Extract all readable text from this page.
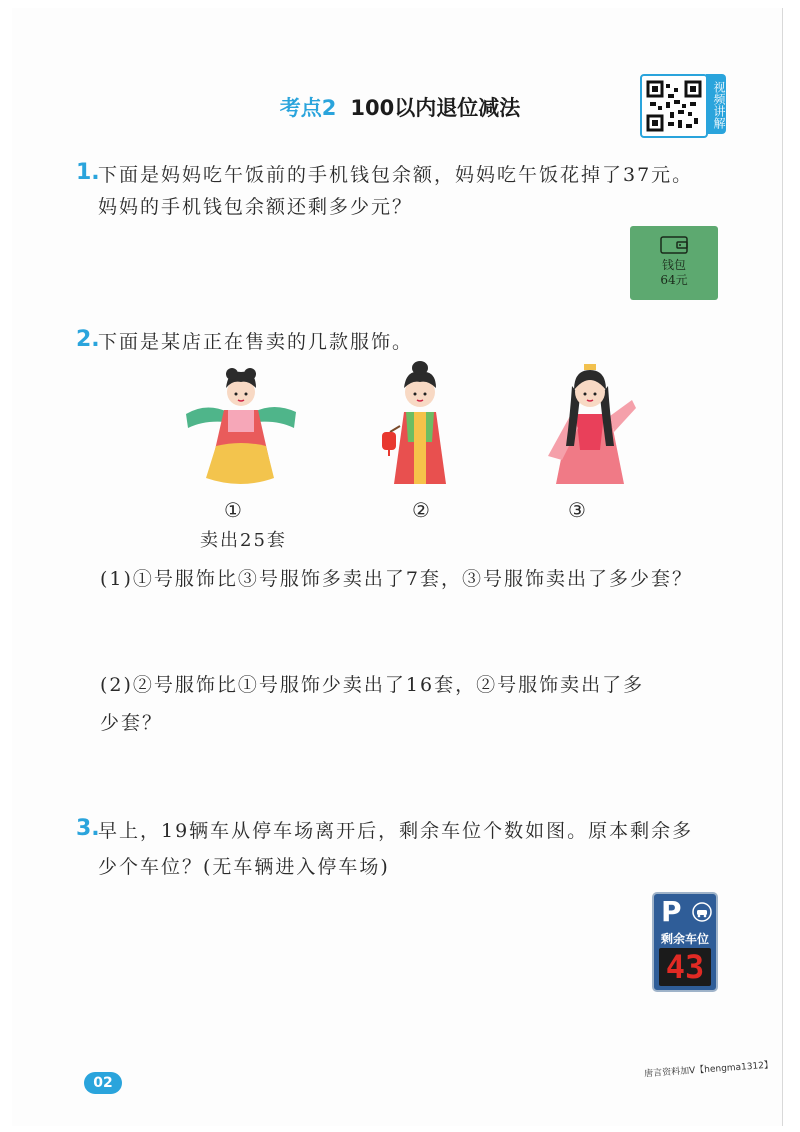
考点2 100以内退位减法	视频讲解
1.
下面是妈妈吃午饭前的手机钱包余额，妈妈吃午饭花掉了37元。
妈妈的手机钱包余额还剩多少元？
钱包
64元
2.
下面是某店正在售卖的几款服饰。
①	②	③
卖出25套
(1)①号服饰比③号服饰多卖出了7套，③号服饰卖出了多少套？
(2)②号服饰比①号服饰少卖出了16套，②号服饰卖出了多
少套？
3.
早上，19辆车从停车场离开后，剩余车位个数如图。原本剩余多
少个车位？(无车辆进入停车场)
P
剩余车位
43
02
唐言资料加V【hengma1312】
